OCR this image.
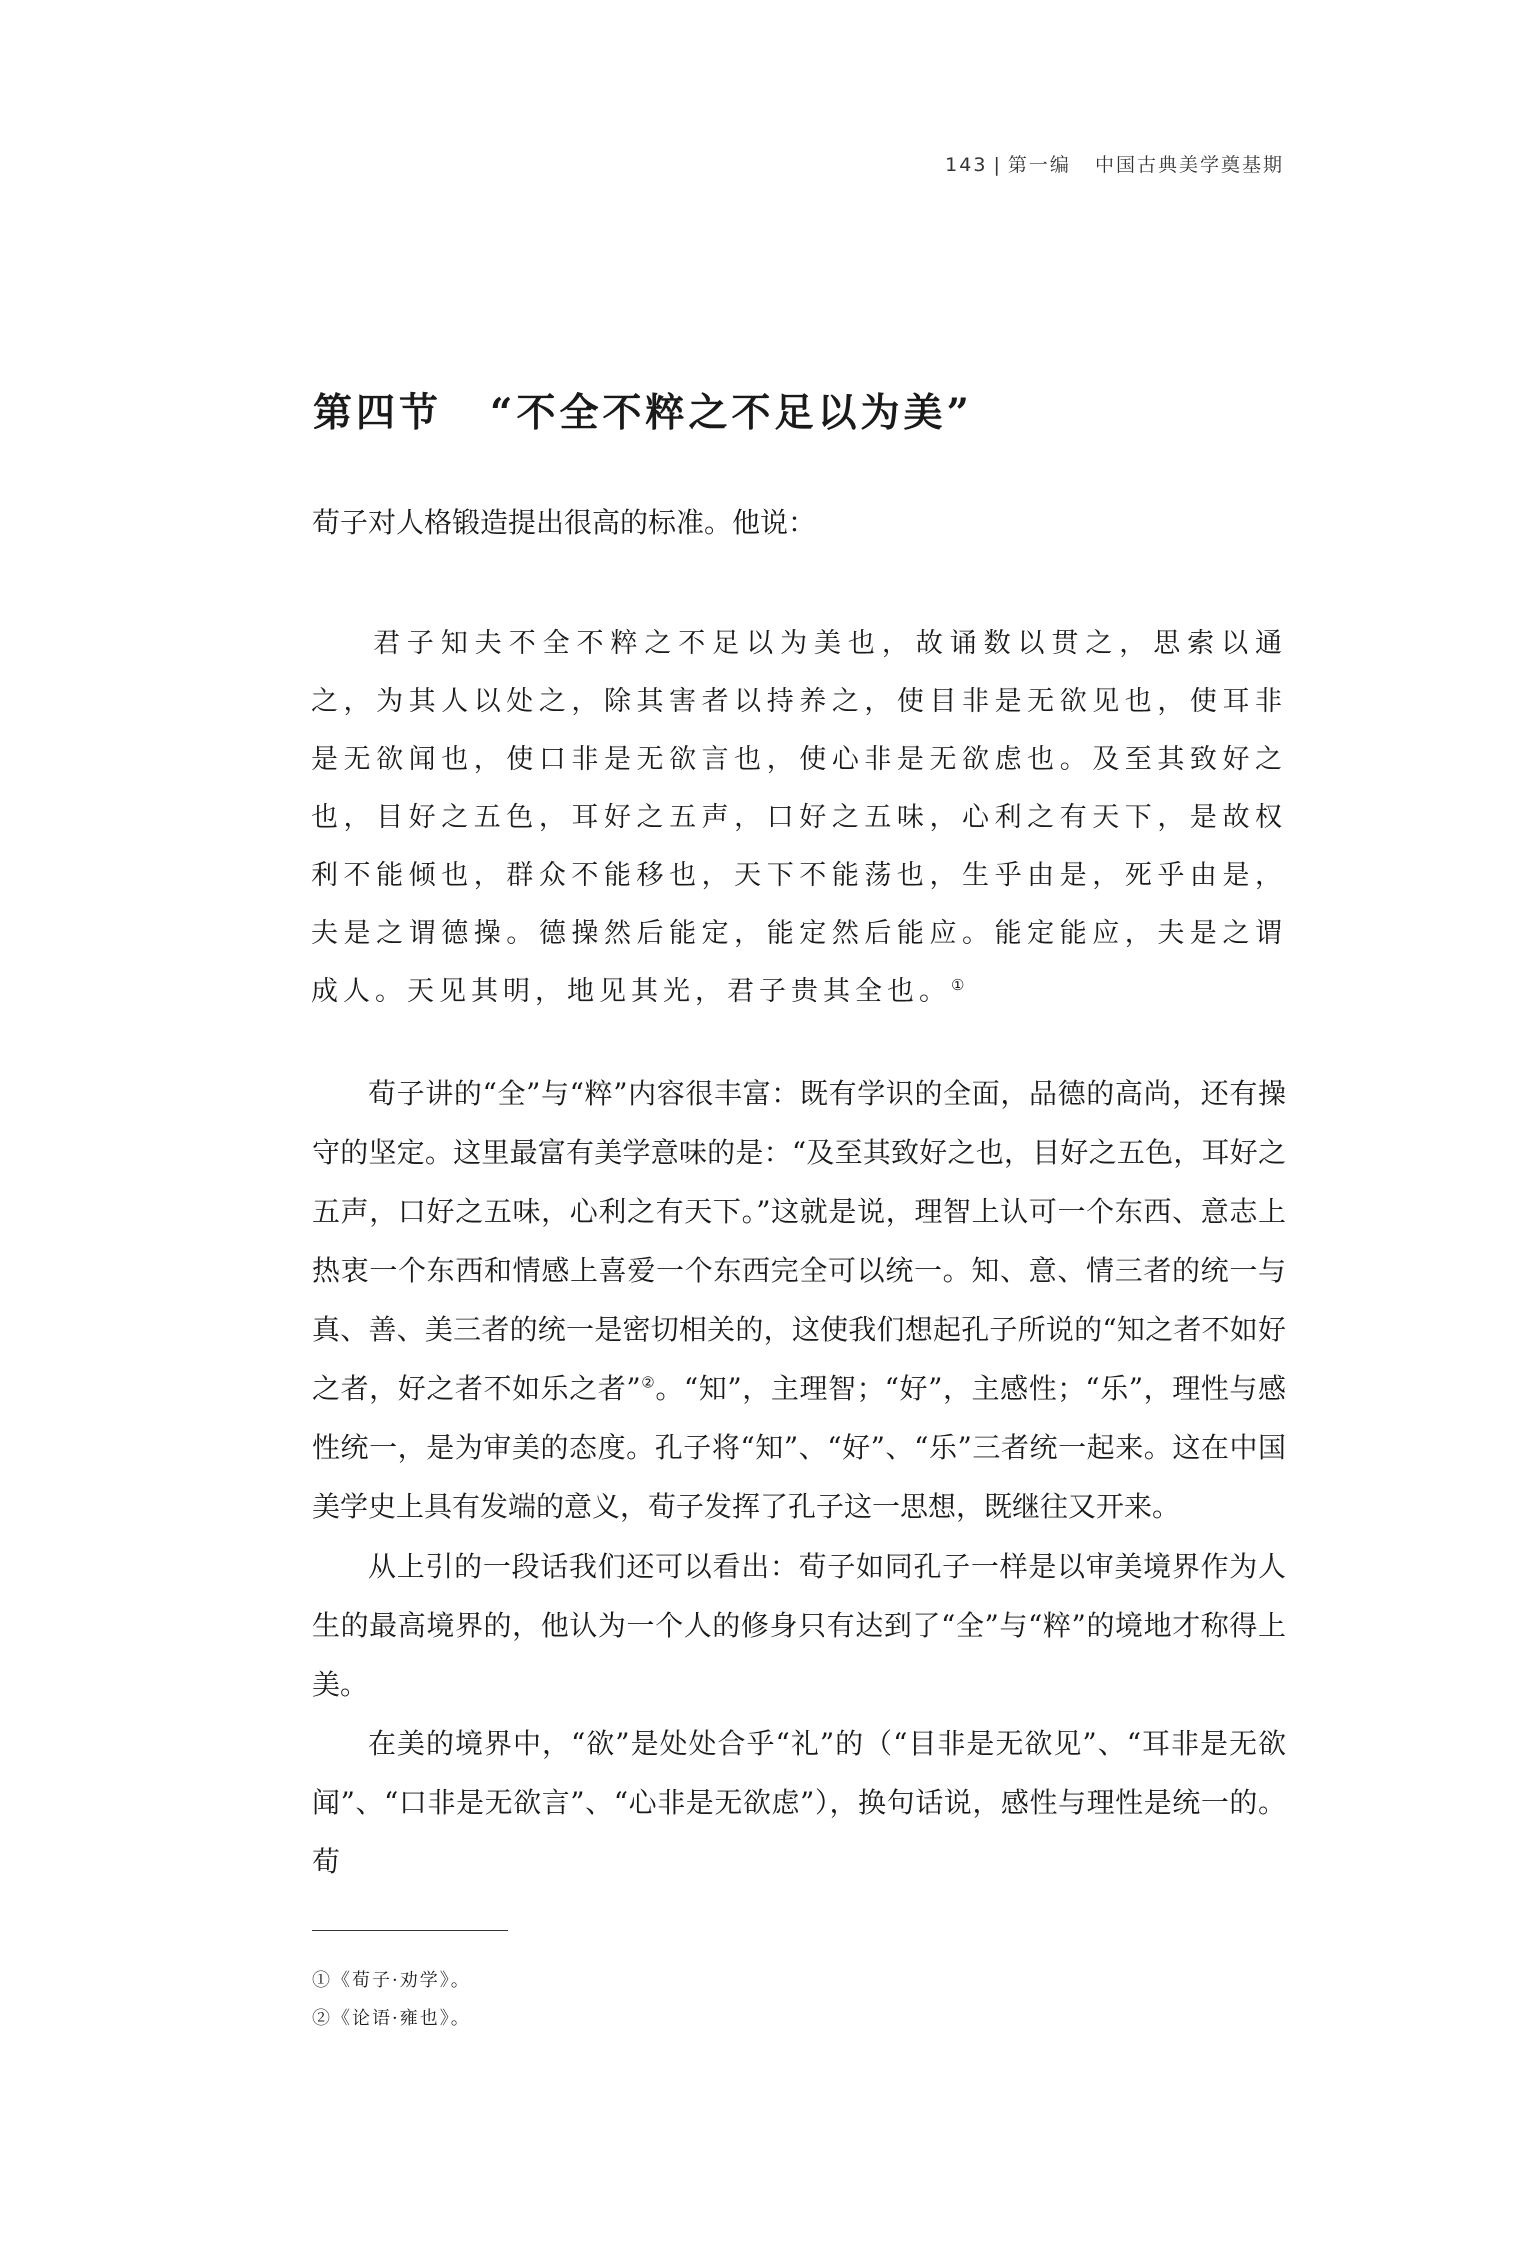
143 | 第一编 中国古典美学奠基期
第四节 “不全不粹之不足以为美”

荀子对人格锻造提出很高的标准。他说：

君子知夫不全不粹之不足以为美也，故诵数以贯之，思索以通之，为其人以处之，除其害者以持养之，使目非是无欲见也，使耳非是无欲闻也，使口非是无欲言也，使心非是无欲虑也。及至其致好之也，目好之五色，耳好之五声，口好之五味，心利之有天下，是故权利不能倾也，群众不能移也，天下不能荡也，生乎由是，死乎由是，夫是之谓德操。德操然后能定，能定然后能应。能定能应，夫是之谓成人。天见其明，地见其光，君子贵其全也。①

荀子讲的“全”与“粹”内容很丰富：既有学识的全面，品德的高尚，还有操守的坚定。这里最富有美学意味的是：“及至其致好之也，目好之五色，耳好之五声，口好之五味，心利之有天下。”这就是说，理智上认可一个东西、意志上热衷一个东西和情感上喜爱一个东西完全可以统一。知、意、情三者的统一与真、善、美三者的统一是密切相关的，这使我们想起孔子所说的“知之者不如好之者，好之者不如乐之者”②。“知”，主理智；“好”，主感性；“乐”，理性与感性统一，是为审美的态度。孔子将“知”、“好”、“乐”三者统一起来。这在中国美学史上具有发端的意义，荀子发挥了孔子这一思想，既继往又开来。

从上引的一段话我们还可以看出：荀子如同孔子一样是以审美境界作为人生的最高境界的，他认为一个人的修身只有达到了“全”与“粹”的境地才称得上美。

在美的境界中，“欲”是处处合乎“礼”的（“目非是无欲见”、“耳非是无欲闻”、“口非是无欲言”、“心非是无欲虑”），换句话说，感性与理性是统一的。荀

①《荀子·劝学》。
②《论语·雍也》。
